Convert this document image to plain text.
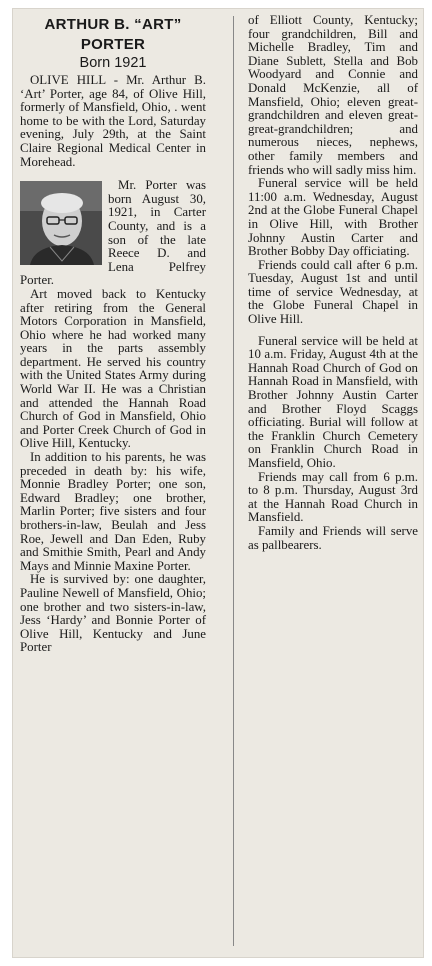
ARTHUR B. “ART”
PORTER
Born 1921

OLIVE HILL - Mr. Arthur B. ‘Art’ Porter, age 84, of Olive Hill, formerly of Mansfield, Ohio, . went home to be with the Lord, Saturday evening, July 29th, at the Saint Claire Regional Medical Center in Morehead.

Mr. Porter was born August 30, 1921, in Carter County, and is a son of the late Reece D. and Lena Pelfrey Porter.

Art moved back to Kentucky after retiring from the General Motors Corporation in Mansfield, Ohio where he had worked many years in the parts assembly department. He served his country with the United States Army during World War II. He was a Christian and attended the Hannah Road Church of God in Mansfield, Ohio and Porter Creek Church of God in Olive Hill, Kentucky.

In addition to his parents, he was preceded in death by: his wife, Monnie Bradley Porter; one son, Edward Bradley; one brother, Marlin Porter; five sisters and four brothers-in-law, Beulah and Jess Roe, Jewell and Dan Eden, Ruby and Smithie Smith, Pearl and Andy Mays and Minnie Maxine Porter.

He is survived by: one daughter, Pauline Newell of Mansfield, Ohio; one brother and two sisters-in-law, Jess ‘Hardy’ and Bonnie Porter of Olive Hill, Kentucky and June Porter

of Elliott County, Kentucky; four grandchildren, Bill and Michelle Bradley, Tim and Diane Sublett, Stella and Bob Woodyard and Connie and Donald McKenzie, all of Mansfield, Ohio; eleven great-grandchildren and eleven great-great-grandchildren; and numerous nieces, nephews, other family members and friends who will sadly miss him.

Funeral service will be held 11:00 a.m. Wednesday, August 2nd at the Globe Funeral Chapel in Olive Hill, with Brother Johnny Austin Carter and Brother Bobby Day officiating.

Friends could call after 6 p.m. Tuesday, August 1st and until time of service Wednesday, at the Globe Funeral Chapel in Olive Hill.

Funeral service will be held at 10 a.m. Friday, August 4th at the Hannah Road Church of God on Hannah Road in Mansfield, with Brother Johnny Austin Carter and Brother Floyd Scaggs officiating. Burial will follow at the Franklin Church Cemetery on Franklin Church Road in Mansfield, Ohio.

Friends may call from 6 p.m. to 8 p.m. Thursday, August 3rd at the Hannah Road Church in Mansfield.

Family and Friends will serve as pallbearers.
